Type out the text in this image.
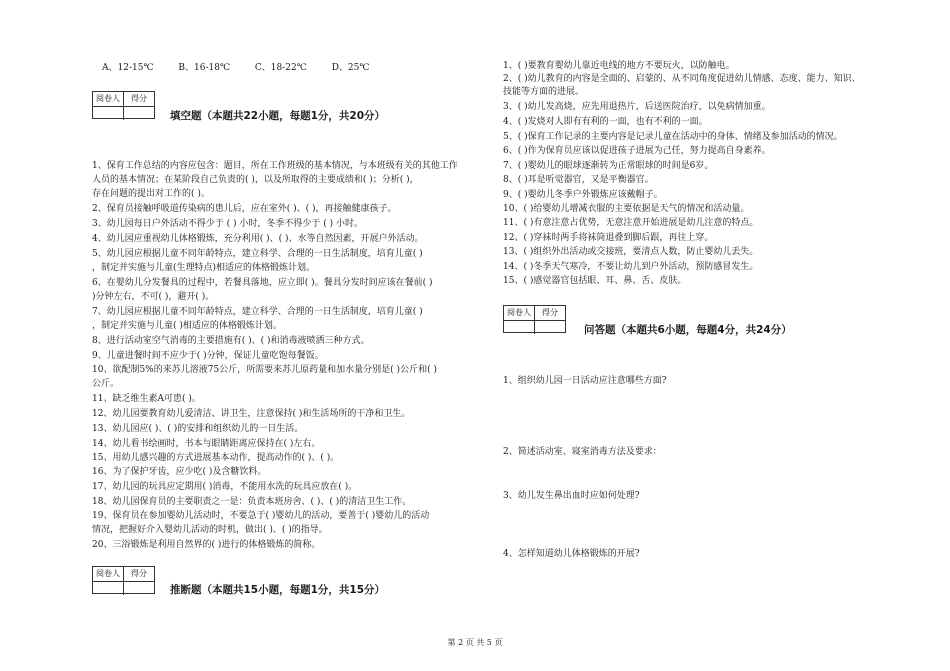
A、12-15℃	B、16-18℃	C、18-22℃	D、25℃
阅卷人	得分
填空题（本题共22小题，每题1分，共20分）
1、保育工作总结的内容应包含：题目，所在工作班级的基本情况，与本班级有关的其他工作
人员的基本情况；在某阶段自己负责的( )，以及所取得的主要成绩和( )；分析( )，
存在问题的提出对工作的( )。
2、保育员接触呼吸道传染病的患儿后，应在室外( )、( )，再接触健康孩子。
3、幼儿园每日户外活动不得少于 ( ) 小时，冬季不得少于 ( ) 小时。
4、幼儿园应重视幼儿体格锻炼，充分利用( )、( )、水等自然因素，开展户外活动。
5、幼儿园应根据儿童不同年龄特点，建立科学、合理的一日生活制度，培育儿童( )
，制定并实施与儿童(生理特点)相适应的体格锻炼计划。
6、在婴幼儿分发餐具的过程中，若餐具落地，应立即( )。餐具分发时间应该在餐前( )
)分钟左右，不可( )，避开( )。
7、幼儿园应根据儿童不同年龄特点，建立科学、合理的一日生活制度，培育儿童( )
，制定并实施与儿童( )相适应的体格锻炼计划。
8、进行活动室空气消毒的主要措施有( )、( )和消毒液喷洒三种方式。
9、儿童进餐时间不应少于( )分钟，保证儿童吃饱每餐饭。
10、欲配制5%的来苏儿溶液75公斤，所需要来苏儿原药量和加水量分别是( )公斤和( )
公斤。
11、缺乏维生素A可患( )。
12、幼儿园要教育幼儿爱清洁、讲卫生，注意保持( )和生活场所的干净和卫生。
13、幼儿园应( )、( )的安排和组织幼儿的一日生活。
14、幼儿看书绘画时，书本与眼睛距离应保持在( )左右。
15、用幼儿感兴趣的方式进展基本动作，提高动作的( )、( )。
16、为了保护牙齿，应少吃( )及含糖饮料。
17、幼儿园的玩具应定期用( )消毒，不能用水洗的玩具应放在( )。
18、幼儿园保育员的主要职责之一是：负责本班房舍、( )、( )的清洁卫生工作。
19、保育员在参加婴幼儿活动时，不要急于( )婴幼儿的活动，要善于( )婴幼儿的活动
情况，把握好介入婴幼儿活动的时机，做出( )、( )的指导。
20、三浴锻炼是利用自然界的( )进行的体格锻炼的简称。
阅卷人	得分
推断题（本题共15小题，每题1分，共15分）
1、( )要教育婴幼儿靠近电线的地方不要玩火，以防触电。
2、( )幼儿教育的内容是全面的、启蒙的、从不同角度促进幼儿情感、态度、能力、知识、
技能等方面的进展。
3、( )幼儿发高烧，应先用退热片，后送医院治疗，以免病情加重。
4、( )发烧对人即有有利的一面，也有不利的一面。
5、( )保育工作记录的主要内容是记录儿童在活动中的身体、情绪及参加活动的情况。
6、( )作为保育员应该以促进孩子进展为己任，努力提高自身素养。
7、( )婴幼儿的眼球逐渐转为正常眼球的时间是6岁。
8、( )耳是听觉器官，又是平衡器官。
9、( )婴幼儿冬季户外锻炼应该戴帽子。
10、( )给婴幼儿增减衣服的主要依据是天气的情况和活动量。
11、( )有意注意占优势，无意注意开始进展是幼儿注意的特点。
12、( )穿袜时两手将袜筒退叠到脚后跟，再往上穿。
13、( )组织外出活动或交接班，要清点人数，防止婴幼儿丢失。
14、( )冬季天气寒冷，不要让幼儿到户外活动，预防感冒发生。
15、( )感觉器官包括眼、耳、鼻、舌、皮肤。
阅卷人	得分
问答题（本题共6小题，每题4分，共24分）
1、组织幼儿园一日活动应注意哪些方面?
2、简述活动室、寝室消毒方法及要求：
3、幼儿发生鼻出血时应如何处理?
4、怎样知道幼儿体格锻炼的开展?
第 2 页 共 5 页
